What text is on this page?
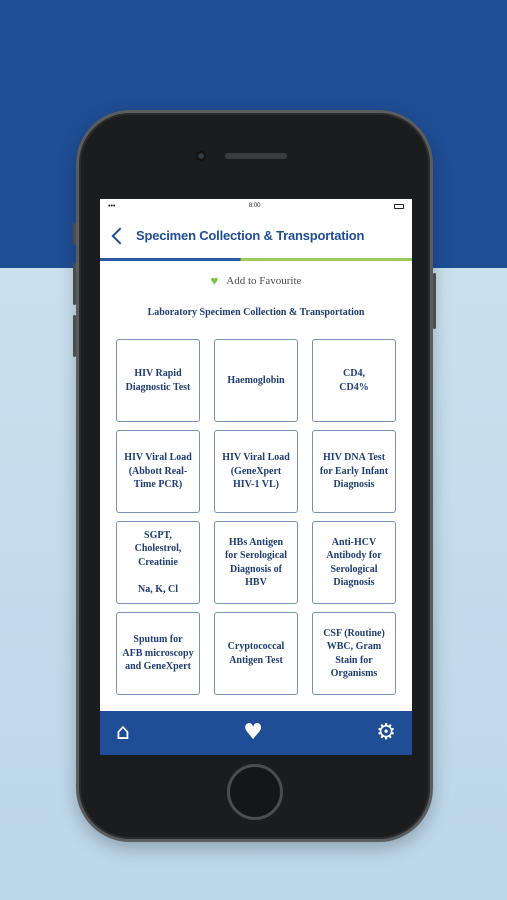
•••	8:00
Specimen Collection & Transportation
♥ Add to Favourite
Laboratory Specimen Collection & Transportation
HIV Rapid
Diagnostic Test
Haemoglobin
CD4,
CD4%
HIV Viral Load
(Abbott Real-
Time PCR)
HIV Viral Load
(GeneXpert
HIV-1 VL)
HIV DNA Test
for Early Infant
Diagnosis
SGPT,
Cholestrol,
Creatinie

Na, K, Cl
HBs Antigen
for Serological
Diagnosis of
HBV
Anti-HCV
Antibody for
Serological
Diagnosis
Sputum for
AFB microscopy
and GeneXpert
Cryptococcal
Antigen Test
CSF (Routine)
WBC, Gram
Stain for
Organisms
⌂	♥	⚙
